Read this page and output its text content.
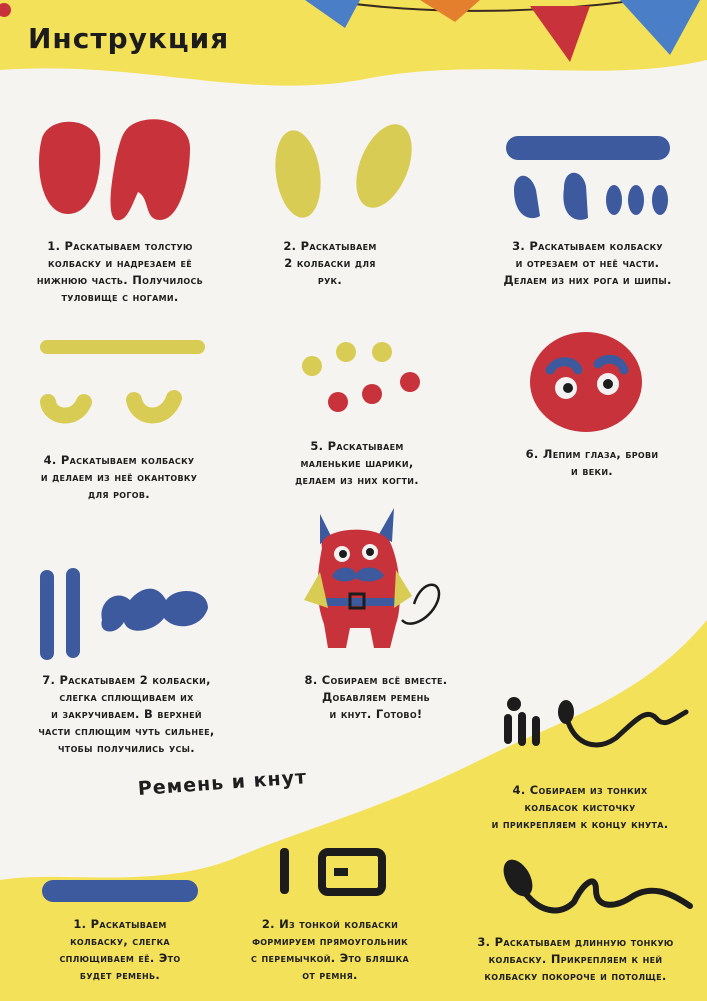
Инструкция
1. Раскатываем толстую
колбаску и надрезаем её
нижнюю часть. Получилось
туловище с ногами.
2. Раскатываем
2 колбаски для
рук.
3. Раскатываем колбаску
и отрезаем от неё части.
Делаем из них рога и шипы.
4. Раскатываем колбаску
и делаем из неё окантовку
для рогов.
5. Раскатываем
маленькие шарики,
делаем из них когти.
6. Лепим глаза, брови
и веки.
7. Раскатываем 2 колбаски,
слегка сплющиваем их
и закручиваем. В верхней
части сплющим чуть сильнее,
чтобы получились усы.
8. Собираем всё вместе.
Добавляем ремень
и кнут. Готово!
Ремень и кнут	4. Собираем из тонких
колбасок кисточку
и прикрепляем к концу кнута.
1. Раскатываем
колбаску, слегка
сплющиваем её. Это
будет ремень.
2. Из тонкой колбаски
формируем прямоугольник
с перемычкой. Это бляшка
от ремня.
3. Раскатываем длинную тонкую
колбаску. Прикрепляем к ней
колбаску покороче и потолще.
